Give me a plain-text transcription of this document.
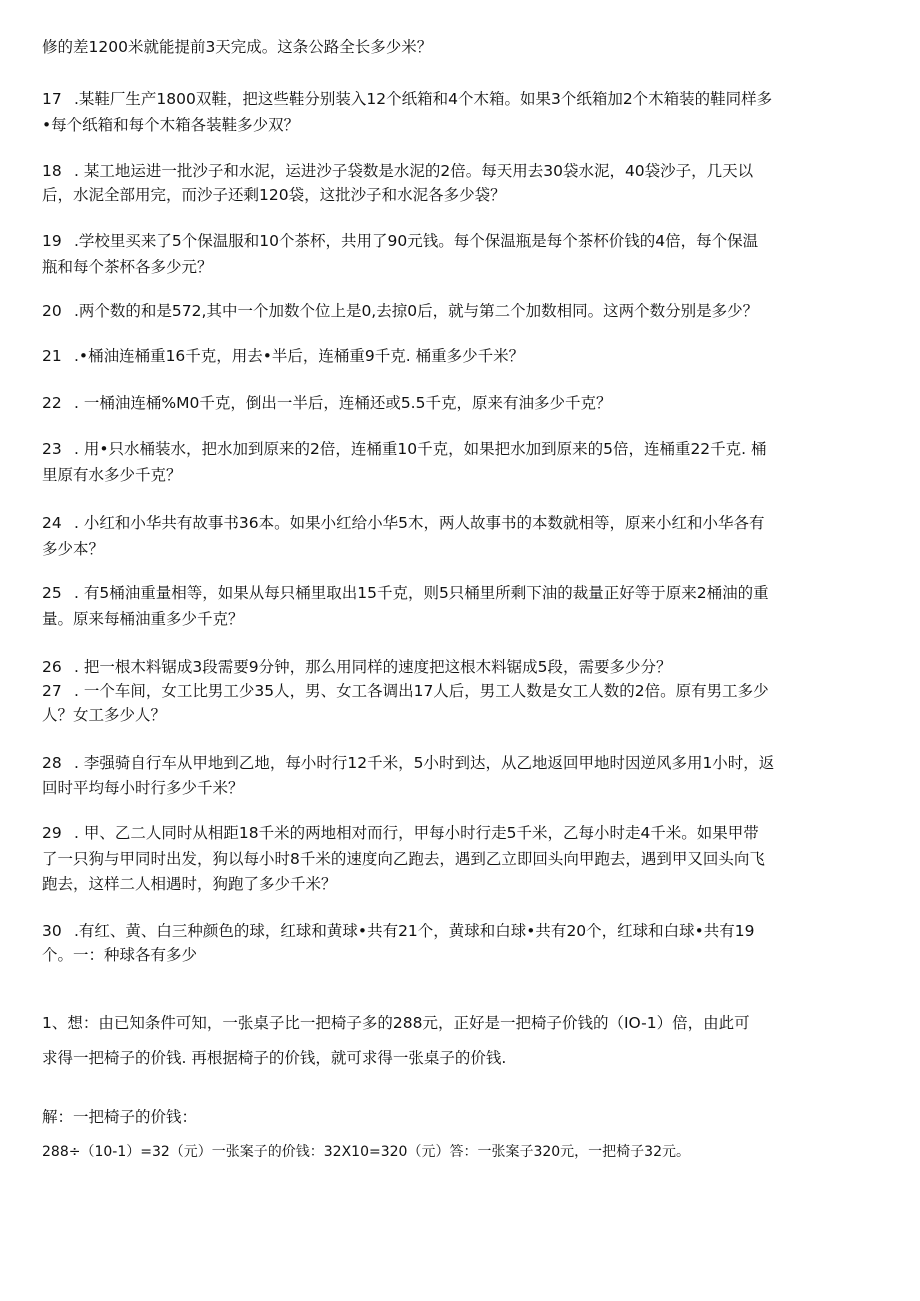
修的差1200米就能提前3天完成。这条公路全长多少米？
17 .某鞋厂生产1800双鞋，把这些鞋分别装入12个纸箱和4个木箱。如果3个纸箱加2个木箱装的鞋同样多
•每个纸箱和每个木箱各装鞋多少双？
18 . 某工地运进一批沙子和水泥，运进沙子袋数是水泥的2倍。每天用去30袋水泥，40袋沙子，几天以
后，水泥全部用完，而沙子还剩120袋，这批沙子和水泥各多少袋？
19 .学校里买来了5个保温服和10个茶杯，共用了90元钱。每个保温瓶是每个茶杯价钱的4倍，每个保温
瓶和每个茶杯各多少元？
20 .两个数的和是572,其中一个加数个位上是0,去掠0后，就与第二个加数相同。这两个数分别是多少？
21 .•桶油连桶重16千克，用去•半后，连桶重9千克. 桶重多少千米？
22 . 一桶油连桶%M0千克，倒出一半后，连桶还或5.5千克，原来有油多少千克？
23 . 用•只水桶装水，把水加到原来的2倍，连桶重10千克，如果把水加到原来的5倍，连桶重22千克. 桶
里原有水多少千克？
24 . 小红和小华共有故事书36本。如果小红给小华5木，两人故事书的本数就相等，原来小红和小华各有
多少本？
25 . 有5桶油重量相等，如果从每只桶里取出15千克，则5只桶里所剩下油的裁量正好等于原来2桶油的重
量。原来每桶油重多少千克？
26 . 把一根木料锯成3段需要9分钟，那么用同样的速度把这根木料锯成5段，需要多少分？
27 . 一个车间，女工比男工少35人，男、女工各调出17人后，男工人数是女工人数的2倍。原有男工多少
人？女工多少人？
28 . 李强骑自行车从甲地到乙地，每小时行12千米，5小时到达，从乙地返回甲地时因逆风多用1小时，返
回时平均每小时行多少千米？
29 . 甲、乙二人同时从相距18千米的两地相对而行，甲每小时行走5千米，乙每小时走4千米。如果甲带
了一只狗与甲同时出发，狗以每小时8千米的速度向乙跑去，遇到乙立即回头向甲跑去，遇到甲又回头向飞
跑去，这样二人相遇时，狗跑了多少千米？
30 .有红、黄、白三种颜色的球，红球和黄球•共有21个，黄球和白球•共有20个，红球和白球•共有19
个。一：种球各有多少
1、想：由已知条件可知，一张桌子比一把椅子多的288元，正好是一把椅子价钱的（IO-1）倍，由此可
求得一把椅子的价钱. 再根据椅子的价钱，就可求得一张桌子的价钱.
解：一把椅子的价钱：
288÷（10-1）=32（元）一张案子的价钱：32X10=320（元）答：一张案子320元，一把椅子32元。
